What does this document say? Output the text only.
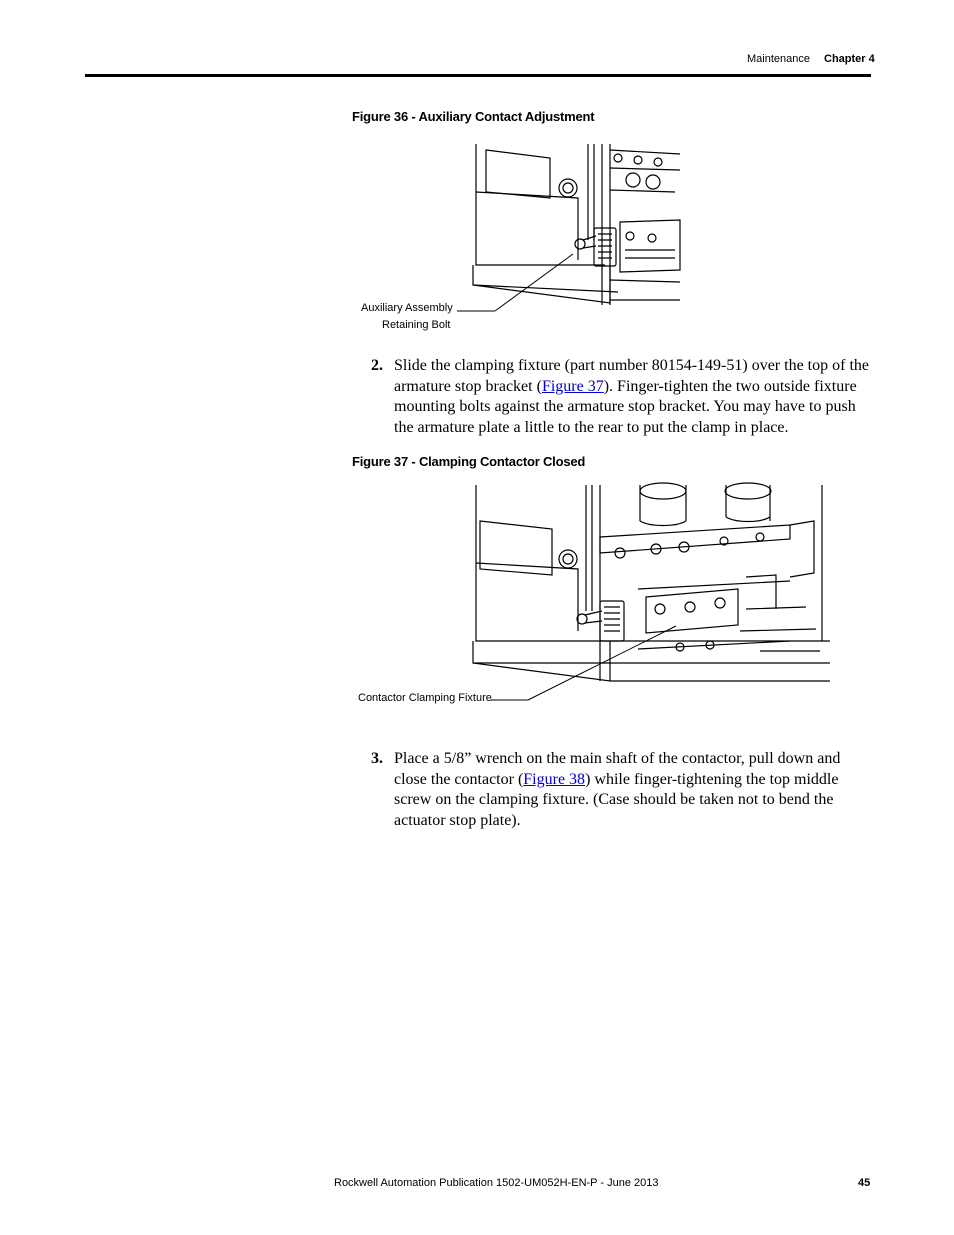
Maintenance Chapter 4
Figure 36 - Auxiliary Contact Adjustment
Auxiliary Assembly
Retaining Bolt
2. Slide the clamping fixture (part number 80154-149-51) over the top of the armature stop bracket (Figure 37). Finger-tighten the two outside fixture mounting bolts against the armature stop bracket. You may have to push the armature plate a little to the rear to put the clamp in place.
Figure 37 - Clamping Contactor Closed
Contactor Clamping Fixture
3. Place a 5/8” wrench on the main shaft of the contactor, pull down and close the contactor (Figure 38) while finger-tightening the top middle screw on the clamping fixture. (Case should be taken not to bend the actuator stop plate).
Rockwell Automation Publication 1502-UM052H-EN-P - June 2013	45
